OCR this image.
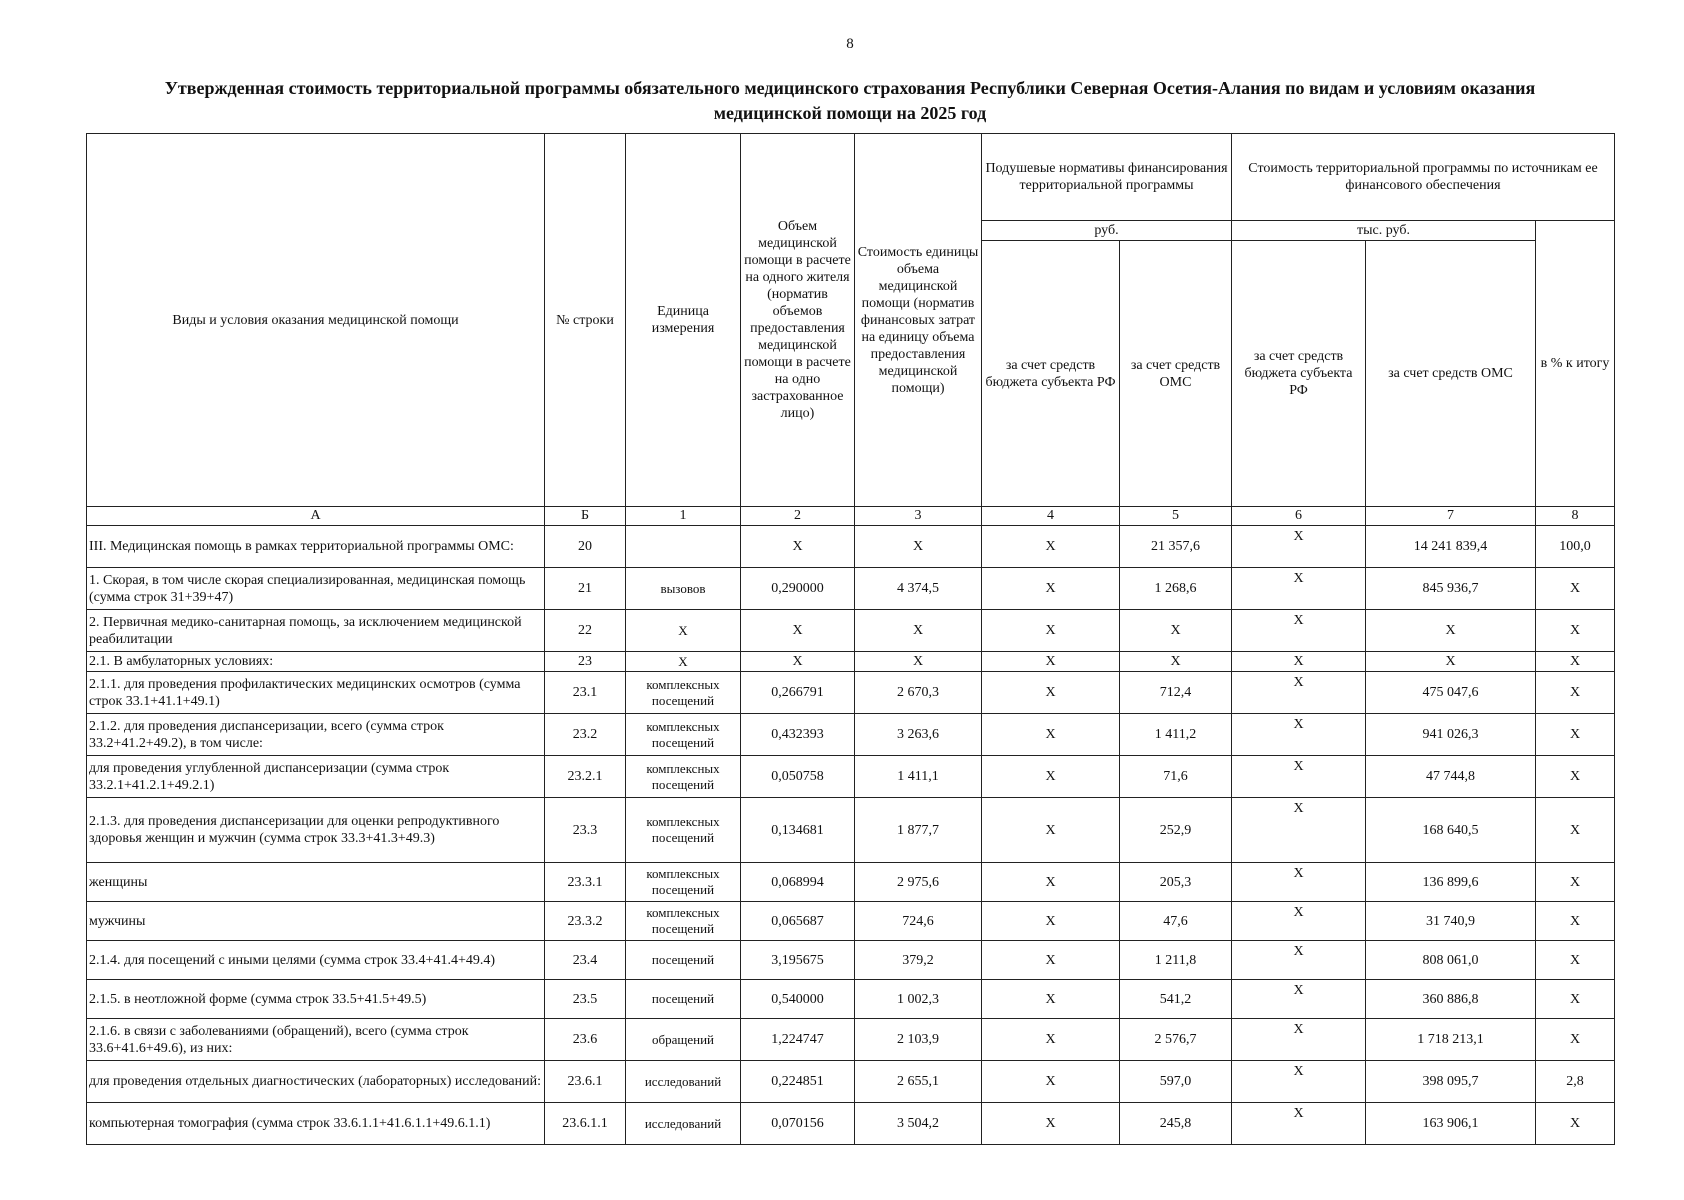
8
Утвержденная стоимость территориальной программы обязательного медицинского страхования Республики Северная Осетия-Алания по видам и условиям оказания
медицинской помощи на 2025 год
Виды и условия оказания медицинской помощи	№ строки	Единица измерения	Объем медицинской помощи в расчете на одного жителя (норматив объемов предоставления медицинской помощи в расчете на одно застрахованное лицо)	Стоимость единицы объема медицинской помощи (норматив финансовых затрат на единицу объема предоставления медицинской помощи)	Подушевые нормативы финансирования территориальной программы		Стоимость территориальной программы по источникам ее финансового обеспечения		
					руб.		тыс. руб.		в % к итогу
					за счет средств бюджета субъекта РФ	за счет средств ОМС	за счет средств бюджета субъекта РФ	за счет средств ОМС	
А	Б	1	2	3	4	5	6	7	8
III. Медицинская помощь в рамках территориальной программы ОМС:	20		X	X	X	21 357,6	X	14 241 839,4	100,0
1. Скорая, в том числе скорая специализированная, медицинская помощь (сумма строк 31+39+47)	21	вызовов	0,290000	4 374,5	X	1 268,6	X	845 936,7	X
2. Первичная медико-санитарная помощь, за исключением медицинской реабилитации	22	X	X	X	X	X	X	X	X
2.1. В амбулаторных условиях:	23	X	X	X	X	X	X	X	X
2.1.1. для проведения профилактических медицинских осмотров (сумма строк 33.1+41.1+49.1)	23.1	комплексных посещений	0,266791	2 670,3	X	712,4	X	475 047,6	X
2.1.2. для проведения диспансеризации, всего (сумма строк 33.2+41.2+49.2), в том числе:	23.2	комплексных посещений	0,432393	3 263,6	X	1 411,2	X	941 026,3	X
для проведения углубленной диспансеризации (сумма строк 33.2.1+41.2.1+49.2.1)	23.2.1	комплексных посещений	0,050758	1 411,1	X	71,6	X	47 744,8	X
2.1.3. для проведения диспансеризации для оценки репродуктивного здоровья женщин и мужчин (сумма строк 33.3+41.3+49.3)	23.3	комплексных посещений	0,134681	1 877,7	X	252,9	X	168 640,5	X
женщины	23.3.1	комплексных посещений	0,068994	2 975,6	X	205,3	X	136 899,6	X
мужчины	23.3.2	комплексных посещений	0,065687	724,6	X	47,6	X	31 740,9	X
2.1.4. для посещений с иными целями (сумма строк 33.4+41.4+49.4)	23.4	посещений	3,195675	379,2	X	1 211,8	X	808 061,0	X
2.1.5. в неотложной форме (сумма строк 33.5+41.5+49.5)	23.5	посещений	0,540000	1 002,3	X	541,2	X	360 886,8	X
2.1.6. в связи с заболеваниями (обращений), всего (сумма строк 33.6+41.6+49.6), из них:	23.6	обращений	1,224747	2 103,9	X	2 576,7	X	1 718 213,1	X
для проведения отдельных диагностических (лабораторных) исследований:	23.6.1	исследований	0,224851	2 655,1	X	597,0	X	398 095,7	2,8
компьютерная томография (сумма строк 33.6.1.1+41.6.1.1+49.6.1.1)	23.6.1.1	исследований	0,070156	3 504,2	X	245,8	X	163 906,1	X
